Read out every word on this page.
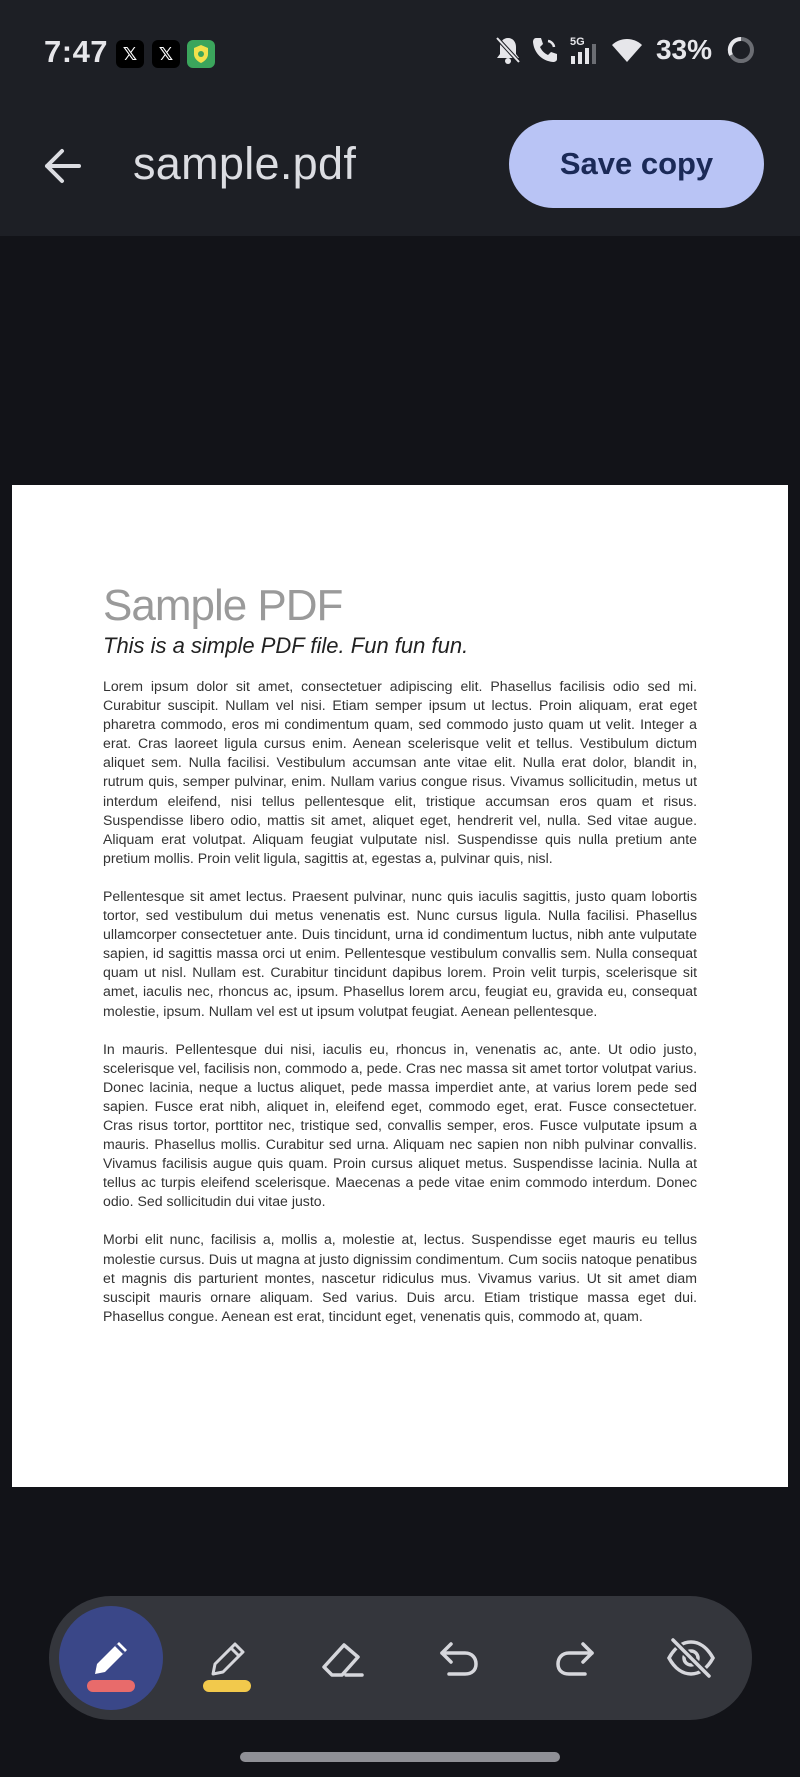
7:47 𝕏	𝕏
5G	33%
sample.pdf	Save copy
Sample PDF
This is a simple PDF file. Fun fun fun.

Lorem ipsum dolor sit amet, consectetuer adipiscing elit. Phasellus facilisis odio sed mi. Curabitur suscipit. Nullam vel nisi. Etiam semper ipsum ut lectus. Proin aliquam, erat eget pharetra commodo, eros mi condimentum quam, sed commodo justo quam ut velit. Integer a erat. Cras laoreet ligula cursus enim. Aenean scelerisque velit et tellus. Vestibulum dictum aliquet sem. Nulla facilisi. Vestibulum accumsan ante vitae elit. Nulla erat dolor, blandit in, rutrum quis, semper pulvinar, enim. Nullam varius congue risus. Vivamus sollicitudin, metus ut interdum eleifend, nisi tellus pellentesque elit, tristique accumsan eros quam et risus. Suspendisse libero odio, mattis sit amet, aliquet eget, hendrerit vel, nulla. Sed vitae augue. Aliquam erat volutpat. Aliquam feugiat vulputate nisl. Suspendisse quis nulla pretium ante pretium mollis. Proin velit ligula, sagittis at, egestas a, pulvinar quis, nisl.

Pellentesque sit amet lectus. Praesent pulvinar, nunc quis iaculis sagittis, justo quam lobortis tortor, sed vestibulum dui metus venenatis est. Nunc cursus ligula. Nulla facilisi. Phasellus ullamcorper consectetuer ante. Duis tincidunt, urna id condimentum luctus, nibh ante vulputate sapien, id sagittis massa orci ut enim. Pellentesque vestibulum convallis sem. Nulla consequat quam ut nisl. Nullam est. Curabitur tincidunt dapibus lorem. Proin velit turpis, scelerisque sit amet, iaculis nec, rhoncus ac, ipsum. Phasellus lorem arcu, feugiat eu, gravida eu, consequat molestie, ipsum. Nullam vel est ut ipsum volutpat feugiat. Aenean pellentesque.

In mauris. Pellentesque dui nisi, iaculis eu, rhoncus in, venenatis ac, ante. Ut odio justo, scelerisque vel, facilisis non, commodo a, pede. Cras nec massa sit amet tortor volutpat varius. Donec lacinia, neque a luctus aliquet, pede massa imperdiet ante, at varius lorem pede sed sapien. Fusce erat nibh, aliquet in, eleifend eget, commodo eget, erat. Fusce consectetuer. Cras risus tortor, porttitor nec, tristique sed, convallis semper, eros. Fusce vulputate ipsum a mauris. Phasellus mollis. Curabitur sed urna. Aliquam nec sapien non nibh pulvinar convallis. Vivamus facilisis augue quis quam. Proin cursus aliquet metus. Suspendisse lacinia. Nulla at tellus ac turpis eleifend scelerisque. Maecenas a pede vitae enim commodo interdum. Donec odio. Sed sollicitudin dui vitae justo.

Morbi elit nunc, facilisis a, mollis a, molestie at, lectus. Suspendisse eget mauris eu tellus molestie cursus. Duis ut magna at justo dignissim condimentum. Cum sociis natoque penatibus et magnis dis parturient montes, nascetur ridiculus mus. Vivamus varius. Ut sit amet diam suscipit mauris ornare aliquam. Sed varius. Duis arcu. Etiam tristique massa eget dui. Phasellus congue. Aenean est erat, tincidunt eget, venenatis quis, commodo at, quam.
